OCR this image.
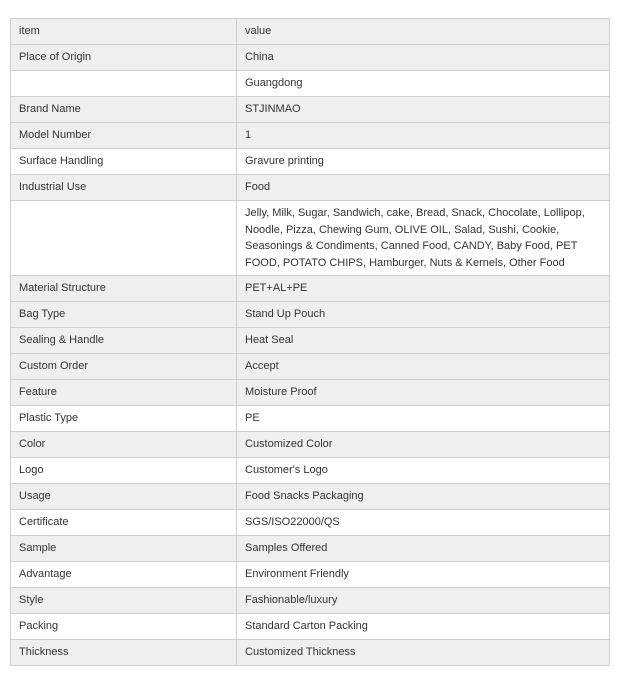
item	value
Place of Origin	China
	Guangdong
Brand Name	STJINMAO
Model Number	1
Surface Handling	Gravure printing
Industrial Use	Food
	Jelly, Milk, Sugar, Sandwich, cake, Bread, Snack, Chocolate, Lollipop, Noodle, Pizza, Chewing Gum, OLIVE OIL, Salad, Sushi, Cookie, Seasonings & Condiments, Canned Food, CANDY, Baby Food, PET FOOD, POTATO CHIPS, Hamburger, Nuts & Kernels, Other Food
Material Structure	PET+AL+PE
Bag Type	Stand Up Pouch
Sealing & Handle	Heat Seal
Custom Order	Accept
Feature	Moisture Proof
Plastic Type	PE
Color	Customized Color
Logo	Customer's Logo
Usage	Food Snacks Packaging
Certificate	SGS/ISO22000/QS
Sample	Samples Offered
Advantage	Environment Friendly
Style	Fashionable/luxury
Packing	Standard Carton Packing
Thickness	Customized Thickness
